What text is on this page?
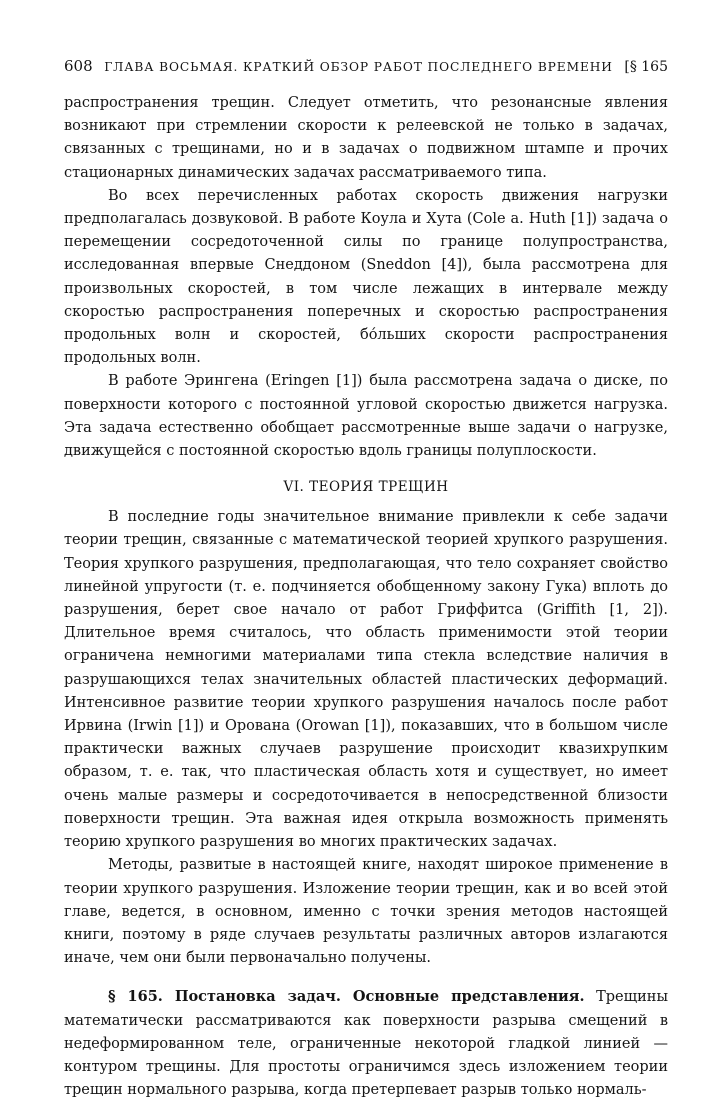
608 ГЛАВА ВОСЬМАЯ. КРАТКИЙ ОБЗОР РАБОТ ПОСЛЕДНЕГО ВРЕМЕНИ [§ 165

распространения трещин. Следует отметить, что резонансные явления возникают при стремлении скорости к релеевской не только в задачах, связанных с трещинами, но и в задачах о подвижном штампе и прочих стационарных динамических задачах рассматриваемого типа.

Во всех перечисленных работах скорость движения нагрузки предполагалась дозвуковой. В работе Коула и Хута (Cole a. Huth [1]) задача о перемещении сосредоточенной силы по границе полупространства, исследованная впервые Снеддоном (Sneddon [4]), была рассмотрена для произвольных скоростей, в том числе лежащих в интервале между скоростью распространения поперечных и скоростью распространения продольных волн и скоростей, бо́льших скорости распространения продольных волн.

В работе Эрингена (Eringen [1]) была рассмотрена задача о диске, по поверхности которого с постоянной угловой скоростью движется нагрузка. Эта задача естественно обобщает рассмотренные выше задачи о нагрузке, движущейся с постоянной скоростью вдоль границы полуплоскости.

VI. ТЕОРИЯ ТРЕЩИН

В последние годы значительное внимание привлекли к себе задачи теории трещин, связанные с математической теорией хрупкого разрушения. Теория хрупкого разрушения, предполагающая, что тело сохраняет свойство линейной упругости (т. е. подчиняется обобщенному закону Гука) вплоть до разрушения, берет свое начало от работ Гриффитса (Griffith [1, 2]). Длительное время считалось, что область применимости этой теории ограничена немногими материалами типа стекла вследствие наличия в разрушающихся телах значительных областей пластических деформаций. Интенсивное развитие теории хрупкого разрушения началось после работ Ирвина (Irwin [1]) и Орована (Orowan [1]), показавших, что в большом числе практически важных случаев разрушение происходит квазихрупким образом, т. е. так, что пластическая область хотя и существует, но имеет очень малые размеры и сосредоточивается в непосредственной близости поверхности трещин. Эта важная идея открыла возможность применять теорию хрупкого разрушения во многих практических задачах.

Методы, развитые в настоящей книге, находят широкое применение в теории хрупкого разрушения. Изложение теории трещин, как и во всей этой главе, ведется, в основном, именно с точки зрения методов настоящей книги, поэтому в ряде случаев результаты различных авторов излагаются иначе, чем они были первоначально получены.

§ 165. Постановка задач. Основные представления. Трещины математически рассматриваются как поверхности разрыва смещений в недеформированном теле, ограниченные некоторой гладкой линией — контуром трещины. Для простоты ограничимся здесь изложением теории трещин нормального разрыва, когда претерпевает разрыв только нормаль-
